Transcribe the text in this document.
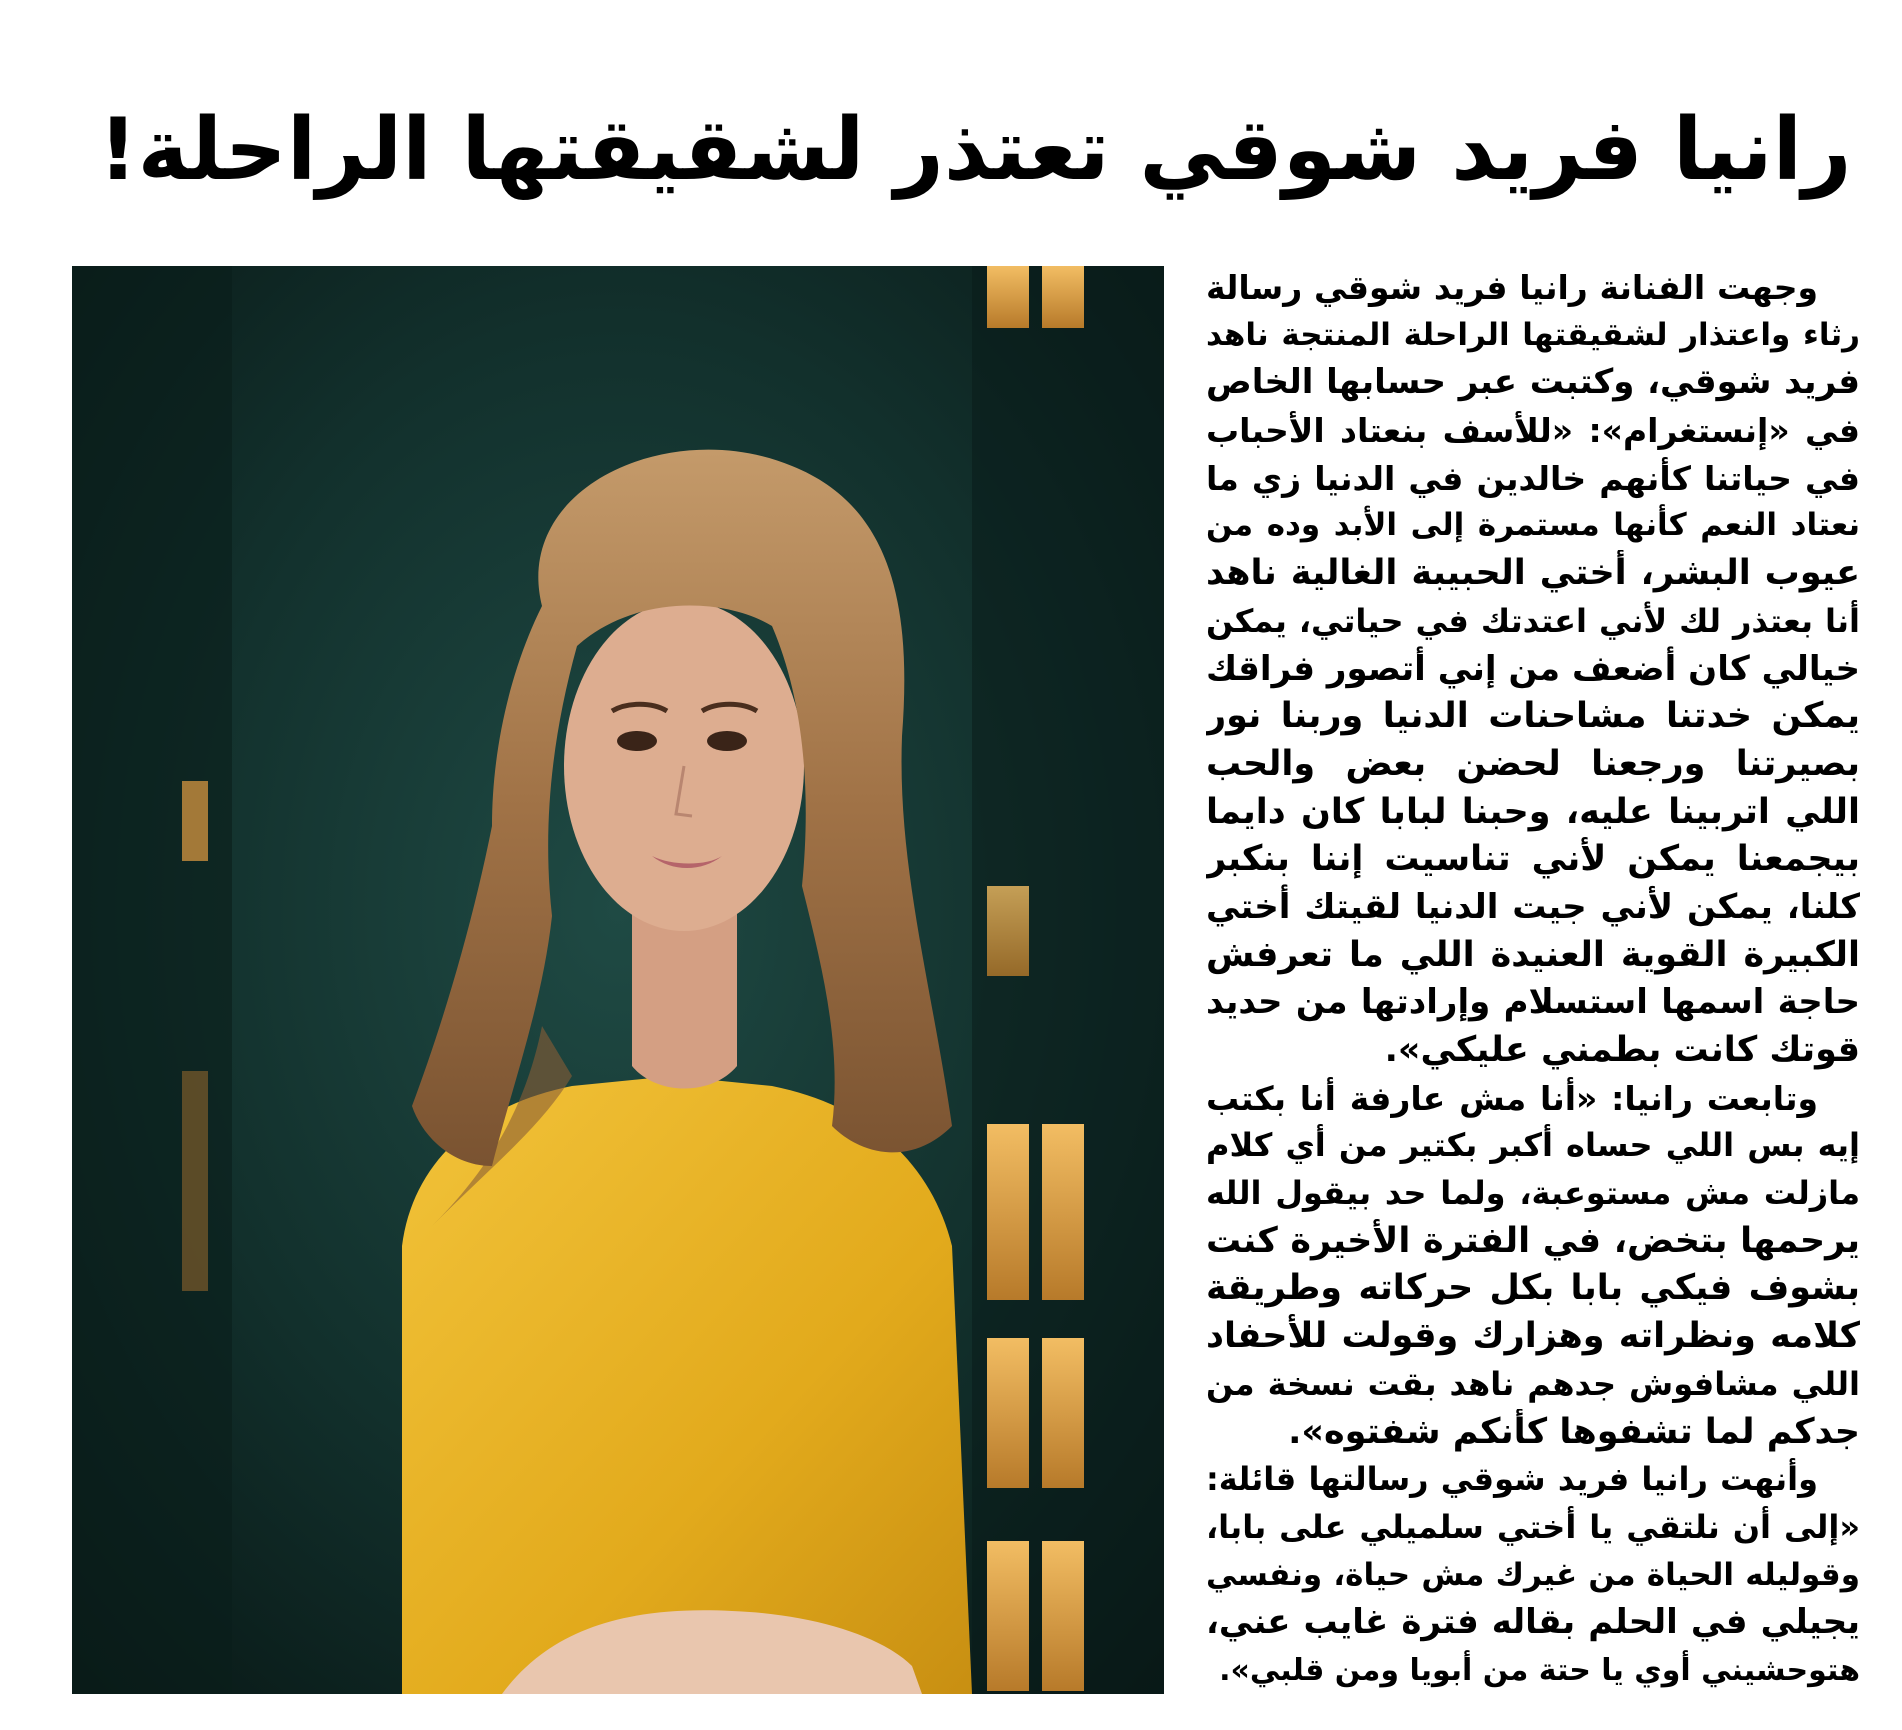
رانيا فريد شوقي تعتذر لشقيقتها الراحلة!
وجهت الفنانة رانيا فريد شوقي رسالة
رثاء واعتذار لشقيقتها الراحلة المنتجة ناهد
فريد شوقي، وكتبت عبر حسابها الخاص
في «إنستغرام»: «للأسف بنعتاد الأحباب
في حياتنا كأنهم خالدين في الدنيا زي ما
نعتاد النعم كأنها مستمرة إلى الأبد وده من
عيوب البشر، أختي الحبيبة الغالية ناهد
أنا بعتذر لك لأني اعتدتك في حياتي، يمكن
خيالي كان أضعف من إني أتصور فراقك
يمكن خدتنا مشاحنات الدنيا وربنا نور
بصيرتنا ورجعنا لحضن بعض والحب
اللي اتربينا عليه، وحبنا لبابا كان دايما
بيجمعنا يمكن لأني تناسيت إننا بنكبر
كلنا، يمكن لأني جيت الدنيا لقيتك أختي
الكبيرة القوية العنيدة اللي ما تعرفش
حاجة اسمها استسلام وإرادتها من حديد
قوتك كانت بطمني عليكي».
وتابعت رانيا: «أنا مش عارفة أنا بكتب
إيه بس اللي حساه أكبر بكتير من أي كلام
مازلت مش مستوعبة، ولما حد بيقول الله
يرحمها بتخض، في الفترة الأخيرة كنت
بشوف فيكي بابا بكل حركاته وطريقة
كلامه ونظراته وهزارك وقولت للأحفاد
اللي مشافوش جدهم ناهد بقت نسخة من
جدكم لما تشفوها كأنكم شفتوه».
وأنهت رانيا فريد شوقي رسالتها قائلة:
«إلى أن نلتقي يا أختي سلميلي على بابا،
وقوليله الحياة من غيرك مش حياة، ونفسي
يجيلي في الحلم بقاله فترة غايب عني،
هتوحشيني أوي يا حتة من أبويا ومن قلبي».
